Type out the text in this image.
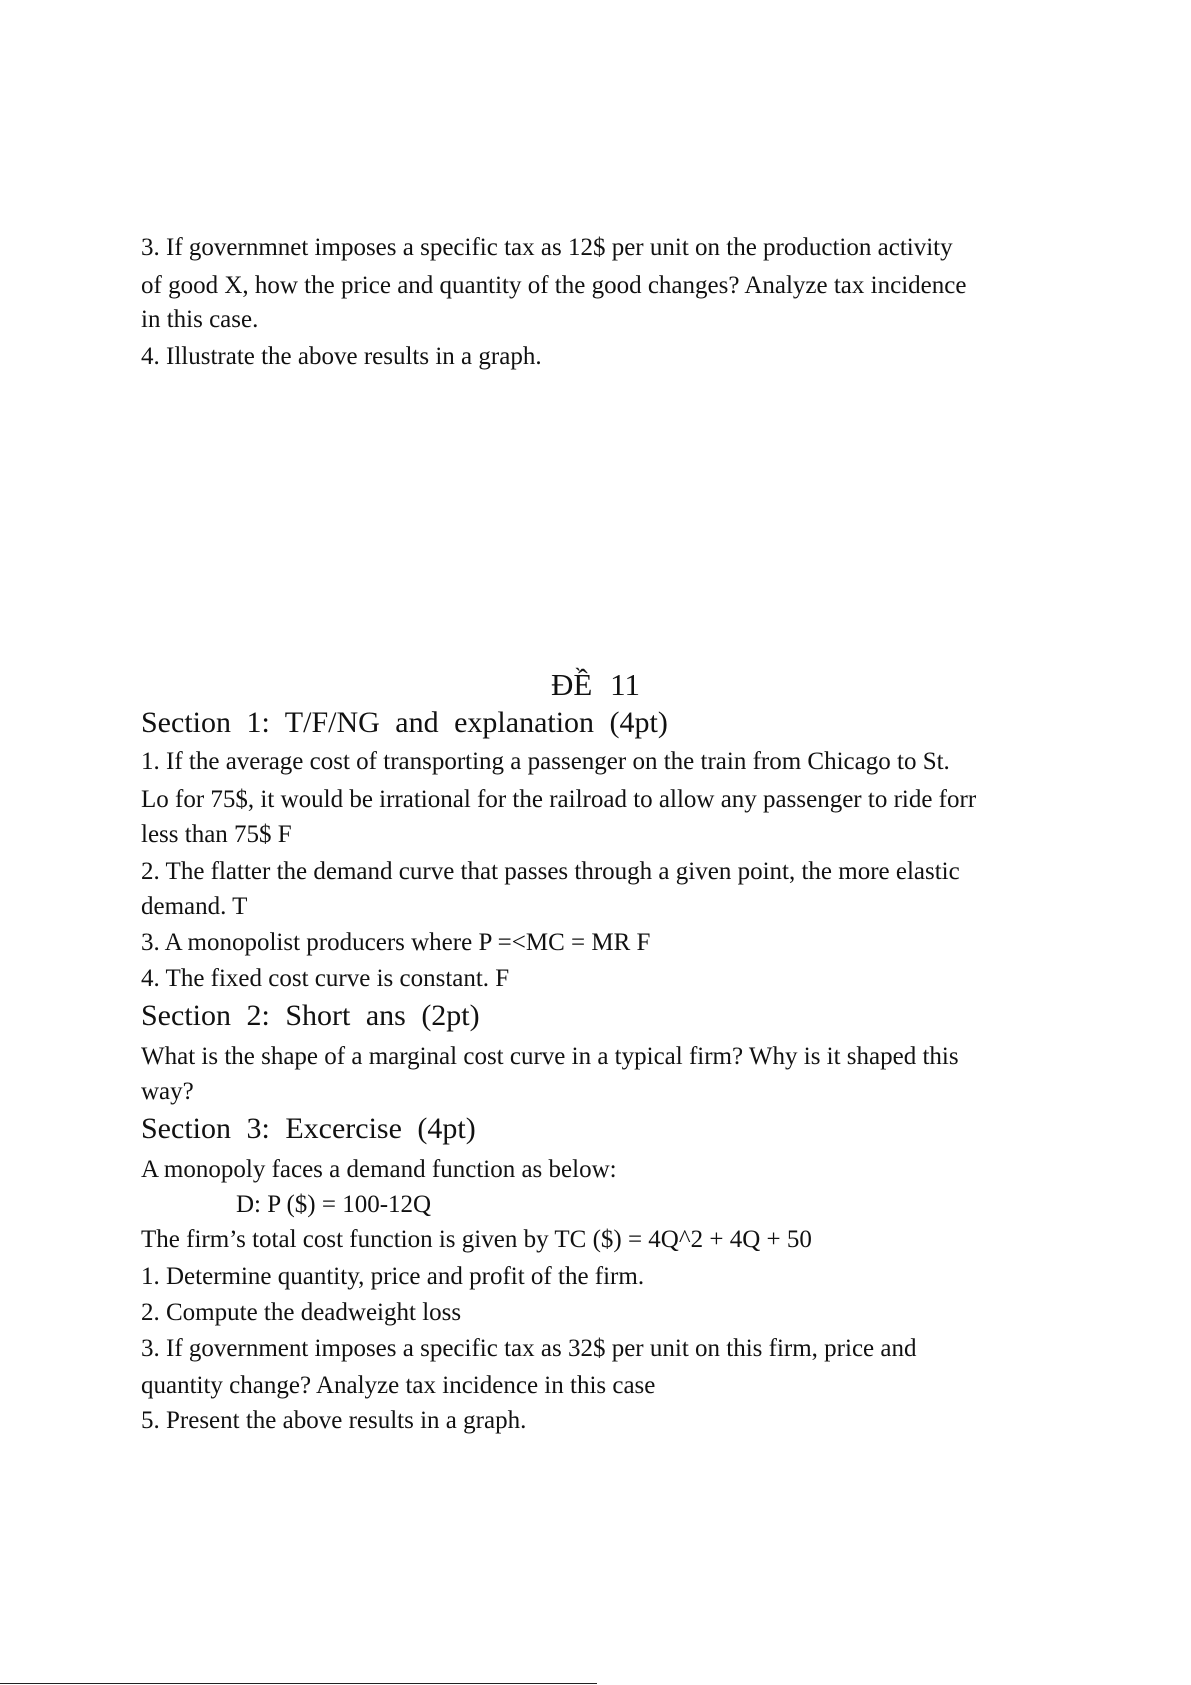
3. If governmnet imposes a specific tax as 12$ per unit on the production activity
of good X, how the price and quantity of the good changes? Analyze tax incidence
in this case.
4. Illustrate the above results in a graph.
ĐỀ 11
Section 1: T/F/NG and explanation (4pt)
1. If the average cost of transporting a passenger on the train from Chicago to St.
Lo for 75$, it would be irrational for the railroad to allow any passenger to ride forr
less than 75$ F
2. The flatter the demand curve that passes through a given point, the more elastic
demand. T
3. A monopolist producers where P =<MC = MR F
4. The fixed cost curve is constant. F
Section 2: Short ans (2pt)
What is the shape of a marginal cost curve in a typical firm? Why is it shaped this
way?
Section 3: Excercise (4pt)
A monopoly faces a demand function as below:
D: P ($) = 100-12Q
The firm’s total cost function is given by TC ($) = 4Q^2 + 4Q + 50
1. Determine quantity, price and profit of the firm.
2. Compute the deadweight loss
3. If government imposes a specific tax as 32$ per unit on this firm, price and
quantity change? Analyze tax incidence in this case
5. Present the above results in a graph.
